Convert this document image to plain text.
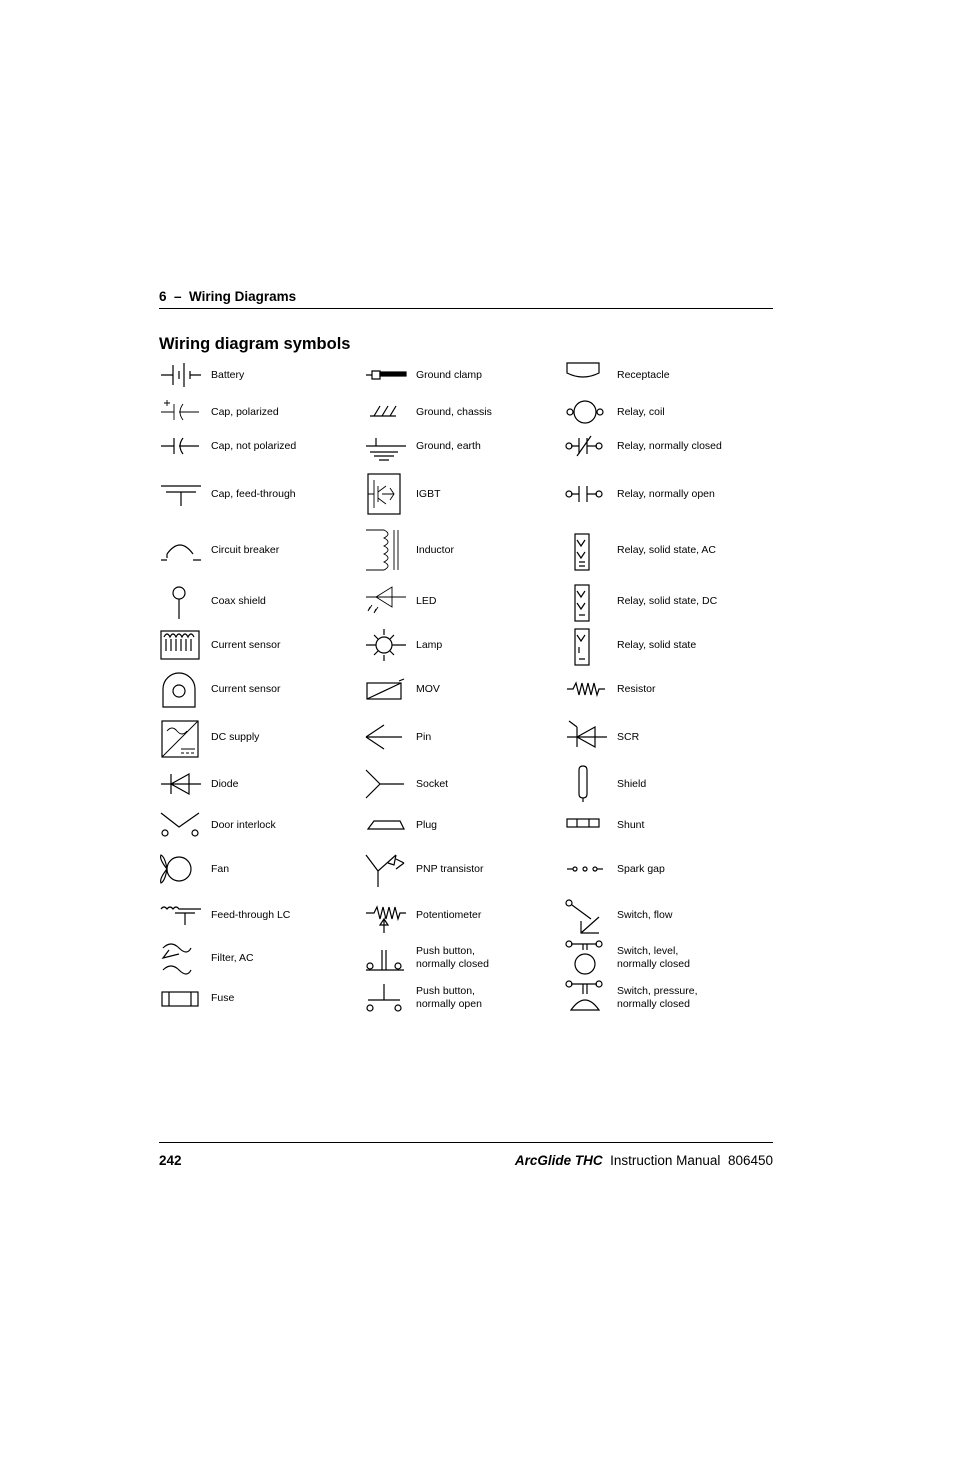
6  –  Wiring Diagrams
Wiring diagram symbols
Battery
Cap, polarized
Cap, not polarized
Cap, feed-through
Circuit breaker
Coax shield
Current sensor
Current sensor
DC supply
Diode
Door interlock
Fan
Feed-through LC
Filter, AC
Fuse
Ground clamp
Ground, chassis
Ground, earth
IGBT
Inductor
LED
Lamp
MOV
Pin
Socket
Plug
PNP transistor
Potentiometer
Push button,
normally closed
Push button,
normally open
Receptacle
Relay, coil
Relay, normally closed
Relay, normally open
Relay, solid state, AC
Relay, solid state, DC
Relay, solid state
Resistor
SCR
Shield
Shunt
Spark gap
Switch, flow
Switch, level,
normally closed
Switch, pressure,
normally closed
242	ArcGlide THC Instruction Manual 806450
